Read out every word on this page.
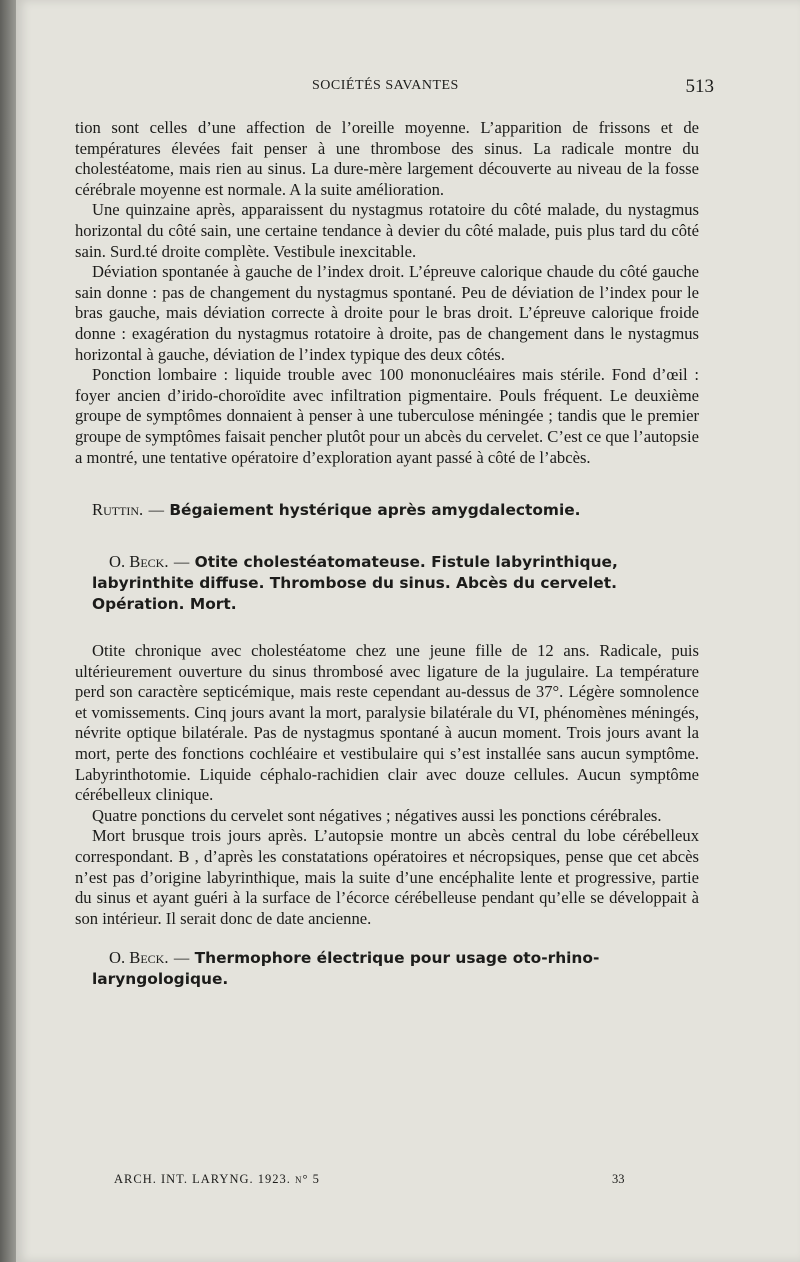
SOCIÉTÉS SAVANTES	513

tion sont celles d’une affection de l’oreille moyenne. L’apparition de frissons et de températures élevées fait penser à une thrombose des sinus. La radicale montre du cholestéatome, mais rien au sinus. La dure-mère largement découverte au niveau de la fosse cérébrale moyenne est normale. A la suite amélioration.

Une quinzaine après, apparaissent du nystagmus rotatoire du côté malade, du nystagmus horizontal du côté sain, une certaine tendance à devier du côté malade, puis plus tard du côté sain. Surd.té droite complète. Vestibule inexcitable.

Déviation spontanée à gauche de l’index droit. L’épreuve calorique chaude du côté gauche sain donne : pas de changement du nystagmus spontané. Peu de déviation de l’index pour le bras gauche, mais déviation correcte à droite pour le bras droit. L’épreuve calorique froide donne : exagération du nystagmus rotatoire à droite, pas de changement dans le nystagmus horizontal à gauche, déviation de l’index typique des deux côtés.

Ponction lombaire : liquide trouble avec 100 mononucléaires mais stérile. Fond d’œil : foyer ancien d’irido-choroïdite avec infiltration pigmentaire. Pouls fréquent. Le deuxième groupe de symptômes donnaient à penser à une tuberculose méningée ; tandis que le premier groupe de symptômes faisait pencher plutôt pour un abcès du cervelet. C’est ce que l’autopsie a montré, une tentative opératoire d’exploration ayant passé à côté de l’abcès.

Ruttin. — Bégaiement hystérique après amygdalectomie.

O. Beck. — Otite cholestéatomateuse. Fistule labyrinthique, labyrinthite diffuse. Thrombose du sinus. Abcès du cervelet. Opération. Mort.

Otite chronique avec cholestéatome chez une jeune fille de 12 ans. Radicale, puis ultérieurement ouverture du sinus thrombosé avec ligature de la jugulaire. La température perd son caractère septicémique, mais reste cependant au-dessus de 37°. Légère somnolence et vomissements. Cinq jours avant la mort, paralysie bilatérale du VI, phénomènes méningés, névrite optique bilatérale. Pas de nystagmus spontané à aucun moment. Trois jours avant la mort, perte des fonctions cochléaire et vestibulaire qui s’est installée sans aucun symptôme. Labyrinthotomie. Liquide céphalo-rachidien clair avec douze cellules. Aucun symptôme cérébelleux clinique.

Quatre ponctions du cervelet sont négatives ; négatives aussi les ponctions cérébrales.

Mort brusque trois jours après. L’autopsie montre un abcès central du lobe cérébelleux correspondant. B , d’après les constatations opératoires et nécropsiques, pense que cet abcès n’est pas d’origine labyrinthique, mais la suite d’une encéphalite lente et progressive, partie du sinus et ayant guéri à la surface de l’écorce cérébelleuse pendant qu’elle se développait à son intérieur. Il serait donc de date ancienne.

O. Beck. — Thermophore électrique pour usage oto-rhino-laryngologique.

ARCH. INT. LARYNG. 1923. n° 5	33
